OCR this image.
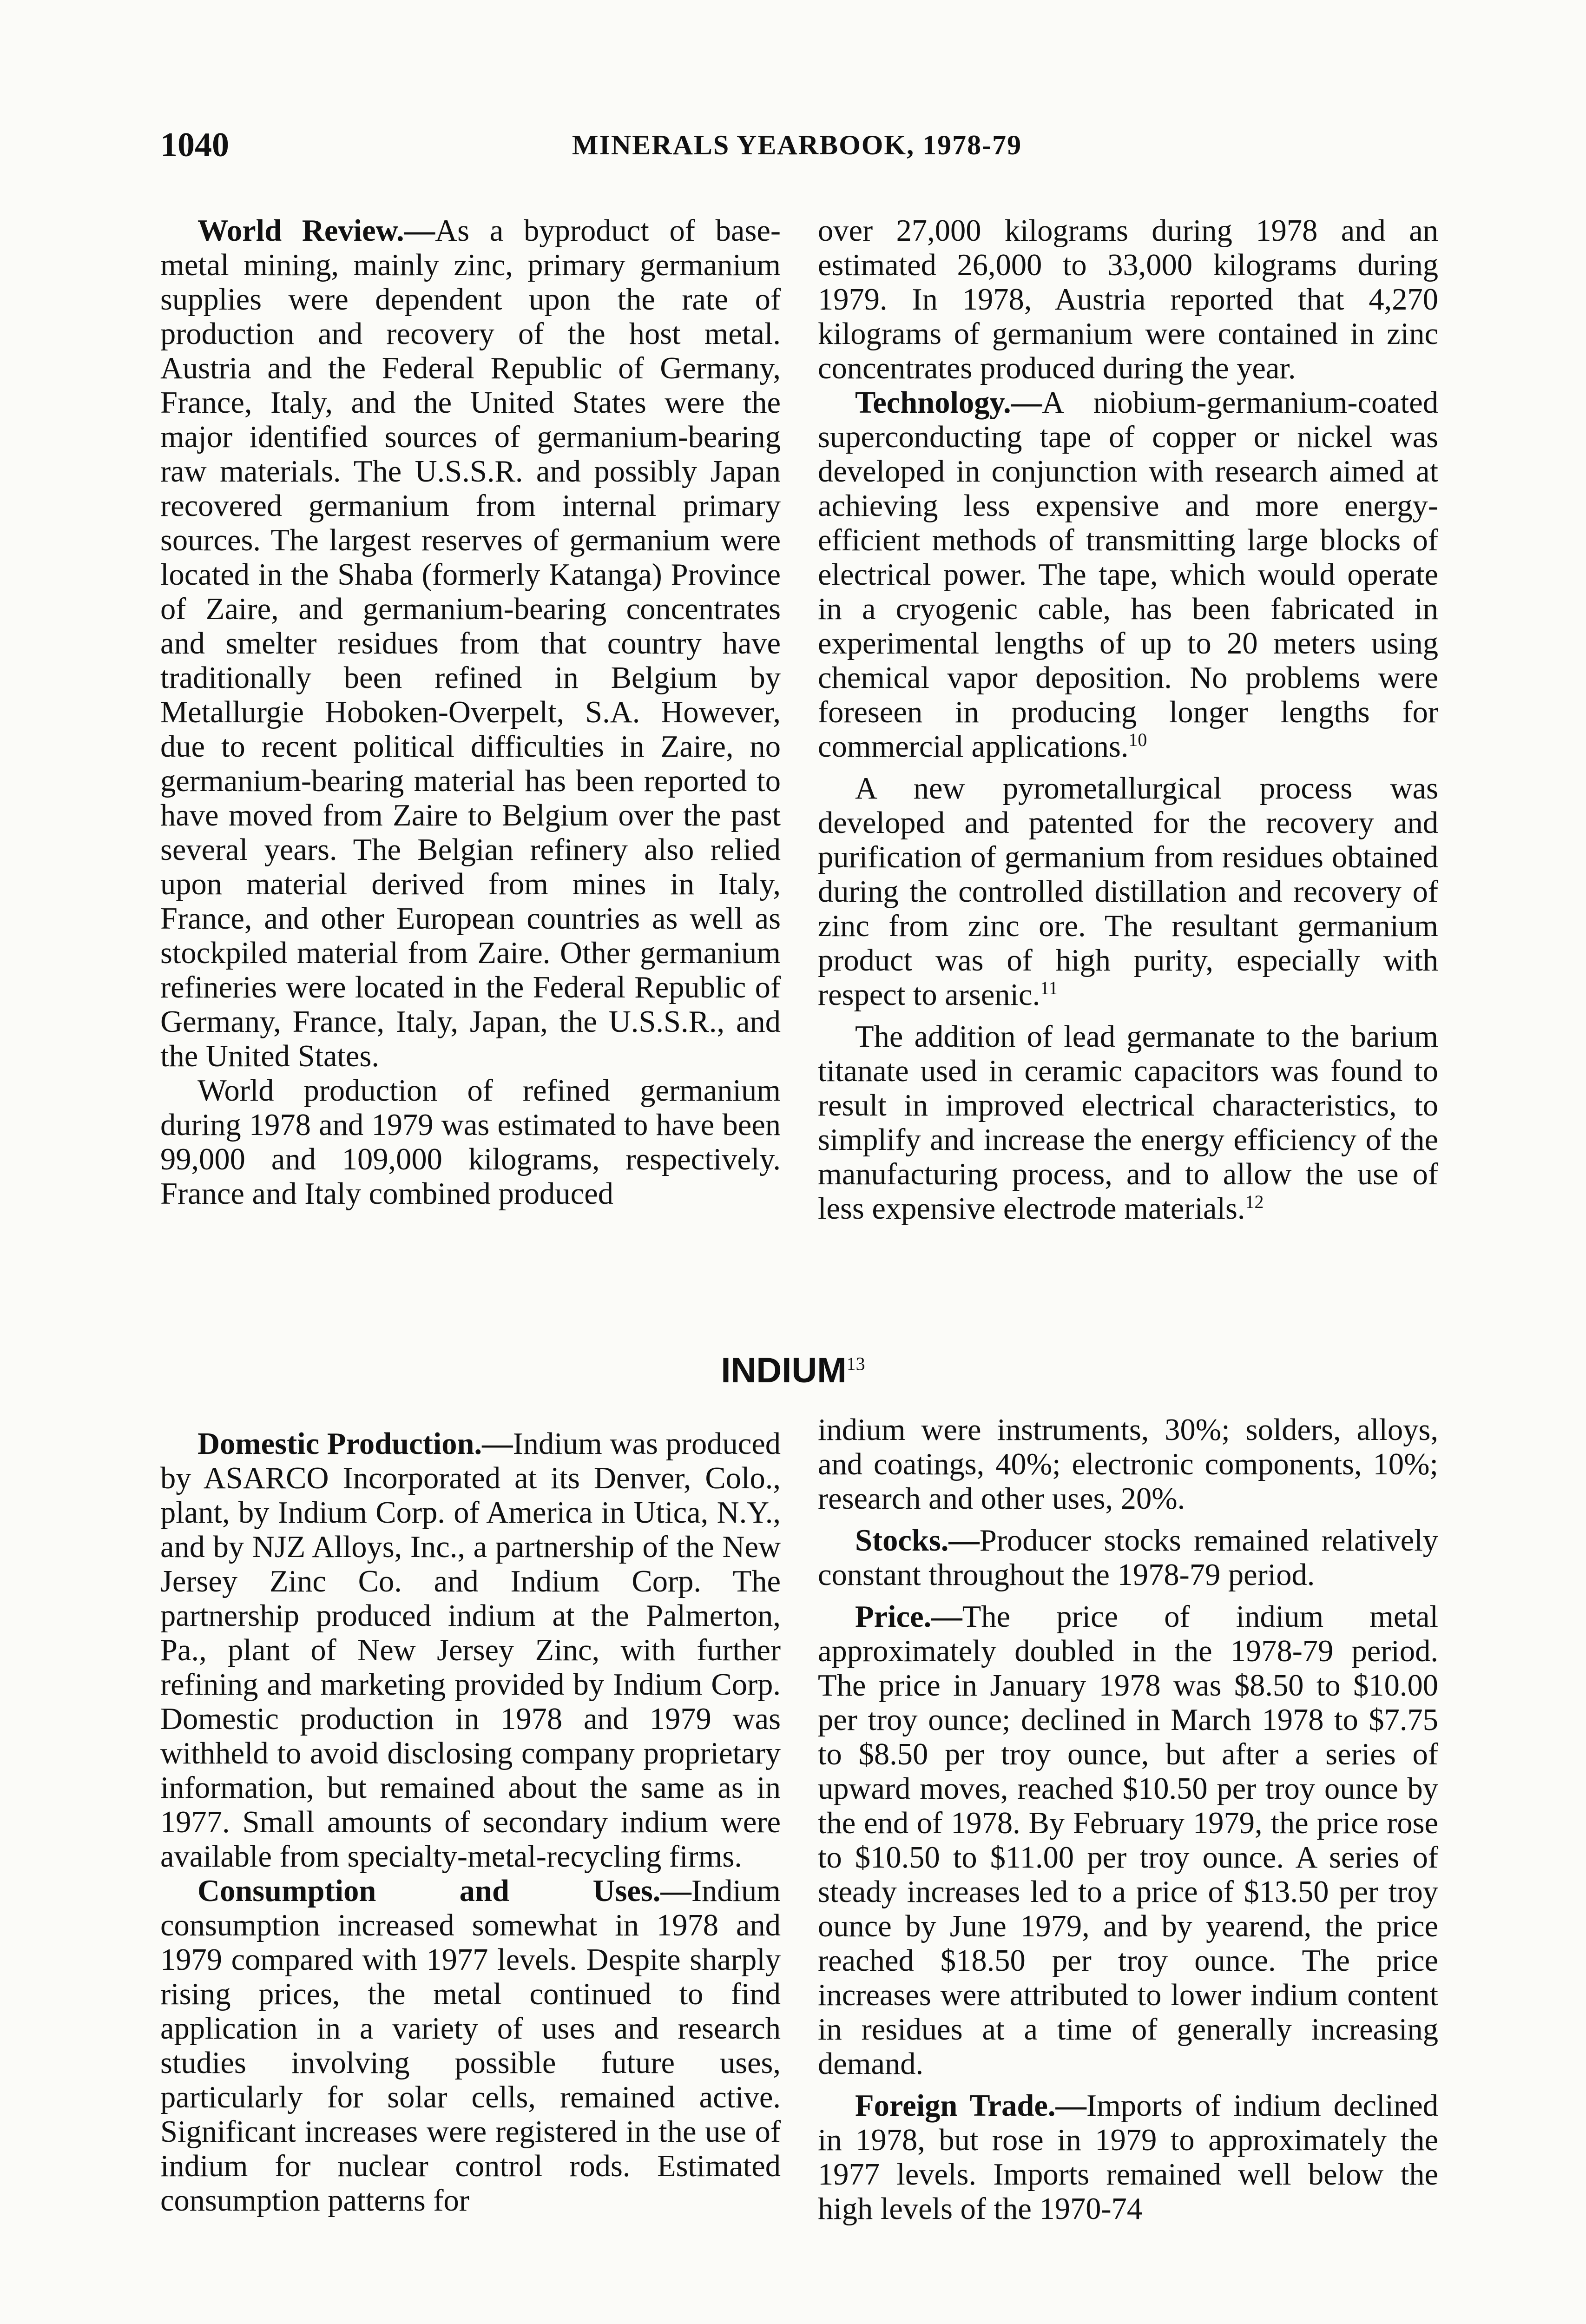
1040	MINERALS YEARBOOK, 1978-79

World Review.—As a byproduct of base-metal mining, mainly zinc, primary germanium supplies were dependent upon the rate of production and recovery of the host metal. Austria and the Federal Republic of Germany, France, Italy, and the United States were the major identified sources of germanium-bearing raw materials. The U.S.S.R. and possibly Japan recovered germanium from internal primary sources. The largest reserves of germanium were located in the Shaba (formerly Katanga) Province of Zaire, and germanium-bearing concentrates and smelter residues from that country have traditionally been refined in Belgium by Metallurgie Hoboken-Overpelt, S.A. However, due to recent political difficulties in Zaire, no germanium-bearing material has been reported to have moved from Zaire to Belgium over the past several years. The Belgian refinery also relied upon material derived from mines in Italy, France, and other European countries as well as stockpiled material from Zaire. Other germanium refineries were located in the Federal Republic of Germany, France, Italy, Japan, the U.S.S.R., and the United States.

World production of refined germanium during 1978 and 1979 was estimated to have been 99,000 and 109,000 kilograms, respectively. France and Italy combined produced

over 27,000 kilograms during 1978 and an estimated 26,000 to 33,000 kilograms during 1979. In 1978, Austria reported that 4,270 kilograms of germanium were contained in zinc concentrates produced during the year.

Technology.—A niobium-germanium-coated superconducting tape of copper or nickel was developed in conjunction with research aimed at achieving less expensive and more energy-efficient methods of transmitting large blocks of electrical power. The tape, which would operate in a cryogenic cable, has been fabricated in experimental lengths of up to 20 meters using chemical vapor deposition. No problems were foreseen in producing longer lengths for commercial applications.$^{10}$

A new pyrometallurgical process was developed and patented for the recovery and purification of germanium from residues obtained during the controlled distillation and recovery of zinc from zinc ore. The resultant germanium product was of high purity, especially with respect to arsenic.$^{11}$

The addition of lead germanate to the barium titanate used in ceramic capacitors was found to result in improved electrical characteristics, to simplify and increase the energy efficiency of the manufacturing process, and to allow the use of less expensive electrode materials.$^{12}$

INDIUM$^{13}$

Domestic Production.—Indium was produced by ASARCO Incorporated at its Denver, Colo., plant, by Indium Corp. of America in Utica, N.Y., and by NJZ Alloys, Inc., a partnership of the New Jersey Zinc Co. and Indium Corp. The partnership produced indium at the Palmerton, Pa., plant of New Jersey Zinc, with further refining and marketing provided by Indium Corp. Domestic production in 1978 and 1979 was withheld to avoid disclosing company proprietary information, but remained about the same as in 1977. Small amounts of secondary indium were available from specialty-metal-recycling firms.

Consumption and Uses.—Indium consumption increased somewhat in 1978 and 1979 compared with 1977 levels. Despite sharply rising prices, the metal continued to find application in a variety of uses and research studies involving possible future uses, particularly for solar cells, remained active. Significant increases were registered in the use of indium for nuclear control rods. Estimated consumption patterns for

indium were instruments, 30%; solders, alloys, and coatings, 40%; electronic components, 10%; research and other uses, 20%.

Stocks.—Producer stocks remained relatively constant throughout the 1978-79 period.

Price.—The price of indium metal approximately doubled in the 1978-79 period. The price in January 1978 was $8.50 to $10.00 per troy ounce; declined in March 1978 to $7.75 to $8.50 per troy ounce, but after a series of upward moves, reached $10.50 per troy ounce by the end of 1978. By February 1979, the price rose to $10.50 to $11.00 per troy ounce. A series of steady increases led to a price of $13.50 per troy ounce by June 1979, and by yearend, the price reached $18.50 per troy ounce. The price increases were attributed to lower indium content in residues at a time of generally increasing demand.

Foreign Trade.—Imports of indium declined in 1978, but rose in 1979 to approximately the 1977 levels. Imports remained well below the high levels of the 1970-74
